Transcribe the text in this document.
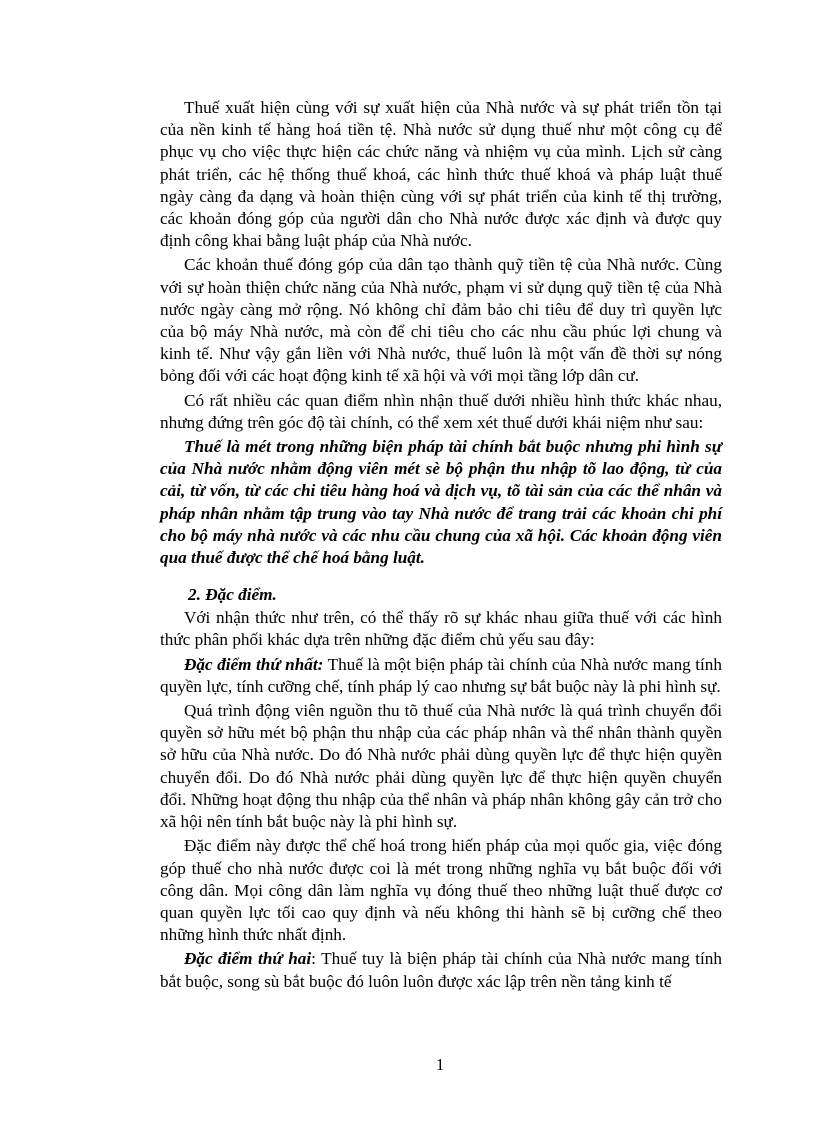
Thuế xuất hiện cùng với sự xuất hiện của Nhà nước và sự phát triển tồn tại của nền kinh tế hàng hoá tiền tệ. Nhà nước sử dụng thuế như một công cụ để phục vụ cho việc thực hiện các chức năng và nhiệm vụ của mình. Lịch sử càng phát triển, các hệ thống thuế khoá, các hình thức thuế khoá và pháp luật thuế ngày càng đa dạng và hoàn thiện cùng với sự phát triển của kinh tế thị trường, các khoản đóng góp của người dân cho Nhà nước được xác định và được quy định công khai bằng luật pháp của Nhà nước.

Các khoản thuế đóng góp của dân tạo thành quỹ tiền tệ của Nhà nước. Cùng với sự hoàn thiện chức năng của Nhà nước, phạm vi sử dụng quỹ tiền tệ của Nhà nước ngày càng mở rộng. Nó không chỉ đảm bảo chi tiêu để duy trì quyền lực của bộ máy Nhà nước, mà còn để chi tiêu cho các nhu cầu phúc lợi chung và kinh tế. Như vậy gắn liền với Nhà nước, thuế luôn là một vấn đề thời sự nóng bỏng đối với các hoạt động kinh tế xã hội và với mọi tầng lớp dân cư.

Có rất nhiều các quan điểm nhìn nhận thuế dưới nhiều hình thức khác nhau, nhưng đứng trên góc độ tài chính, có thể xem xét thuế dưới khái niệm như sau:

Thuế là mét trong những biện pháp tài chính bắt buộc nhưng phi hình sự của Nhà nước nhằm động viên mét sè bộ phận thu nhập tõ lao động, từ của cải, từ vốn, từ các chi tiêu hàng hoá và dịch vụ, tõ tài sản của các thể nhân và pháp nhân nhằm tập trung vào tay Nhà nước để trang trải các khoản chi phí cho bộ máy nhà nước và các nhu cầu chung của xã hội. Các khoản động viên qua thuế được thể chế hoá bằng luật.

2. Đặc điểm.

Với nhận thức như trên, có thể thấy rõ sự khác nhau giữa thuế với các hình thức phân phối khác dựa trên những đặc điểm chủ yếu sau đây:

Đặc điểm thứ nhất: Thuế là một biện pháp tài chính của Nhà nước mang tính quyền lực, tính cưỡng chế, tính pháp lý cao nhưng sự bắt buộc này là phi hình sự.

Quá trình động viên nguồn thu tõ thuế của Nhà nước là quá trình chuyển đổi quyền sở hữu mét bộ phận thu nhập của các pháp nhân và thể nhân thành quyền sở hữu của Nhà nước. Do đó Nhà nước phải dùng quyền lực để thực hiện quyền chuyển đổi. Do đó Nhà nước phải dùng quyền lực để thực hiện quyền chuyển đổi. Những hoạt động thu nhập của thể nhân và pháp nhân không gây cản trở cho xã hội nên tính bắt buộc này là phi hình sự.

Đặc điểm này được thể chế hoá trong hiến pháp của mọi quốc gia, việc đóng góp thuế cho nhà nước được coi là mét trong những nghĩa vụ bắt buộc đối với công dân. Mọi công dân làm nghĩa vụ đóng thuế theo những luật thuế được cơ quan quyền lực tối cao quy định và nếu không thi hành sẽ bị cưỡng chế theo những hình thức nhất định.

Đặc điểm thứ hai: Thuế tuy là biện pháp tài chính của Nhà nước mang tính bắt buộc, song sù bắt buộc đó luôn luôn được xác lập trên nền tảng kinh tế

1
